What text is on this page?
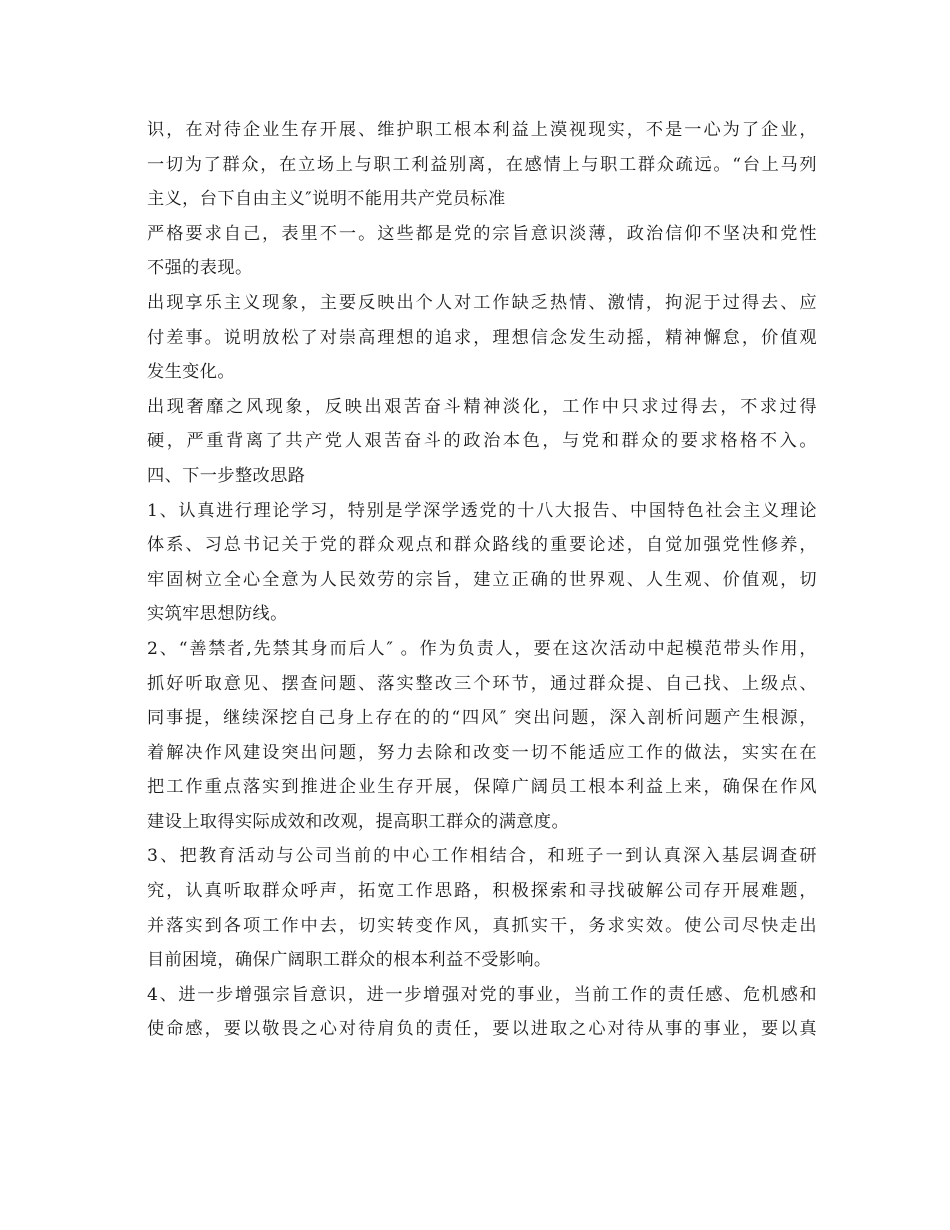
识，在对待企业生存开展、维护职工根本利益上漠视现实，不是一心为了企业，
一切为了群众，在立场上与职工利益别离，在感情上与职工群众疏远。“台上马列
主义，台下自由主义″说明不能用共产党员标准
严格要求自己，表里不一。这些都是党的宗旨意识淡薄，政治信仰不坚决和党性
不强的表现。
出现享乐主义现象，主要反映出个人对工作缺乏热情、激情，拘泥于过得去、应
付差事。说明放松了对崇高理想的追求，理想信念发生动摇，精神懈怠，价值观
发生变化。
出现奢靡之风现象，反映出艰苦奋斗精神淡化，工作中只求过得去，不求过得
硬，严重背离了共产党人艰苦奋斗的政治本色，与党和群众的要求格格不入。
四、下一步整改思路
1、认真进行理论学习，特别是学深学透党的十八大报告、中国特色社会主义理论
体系、习总书记关于党的群众观点和群众路线的重要论述，自觉加强党性修养，
牢固树立全心全意为人民效劳的宗旨，建立正确的世界观、人生观、价值观，切
实筑牢思想防线。
2、“善禁者,先禁其身而后人″ 。作为负责人，要在这次活动中起模范带头作用，
抓好听取意见、摆查问题、落实整改三个环节，通过群众提、自己找、上级点、
同事提，继续深挖自己身上存在的的“四风″ 突出问题，深入剖析问题产生根源，
着解决作风建设突出问题，努力去除和改变一切不能适应工作的做法，实实在在
把工作重点落实到推进企业生存开展，保障广阔员工根本利益上来，确保在作风
建设上取得实际成效和改观，提高职工群众的满意度。
3、把教育活动与公司当前的中心工作相结合，和班子一到认真深入基层调查研
究，认真听取群众呼声，拓宽工作思路，积极探索和寻找破解公司存开展难题，
并落实到各项工作中去，切实转变作风，真抓实干，务求实效。使公司尽快走出
目前困境，确保广阔职工群众的根本利益不受影响。
4、进一步增强宗旨意识，进一步增强对党的事业，当前工作的责任感、危机感和
使命感，要以敬畏之心对待肩负的责任，要以进取之心对待从事的事业，要以真
